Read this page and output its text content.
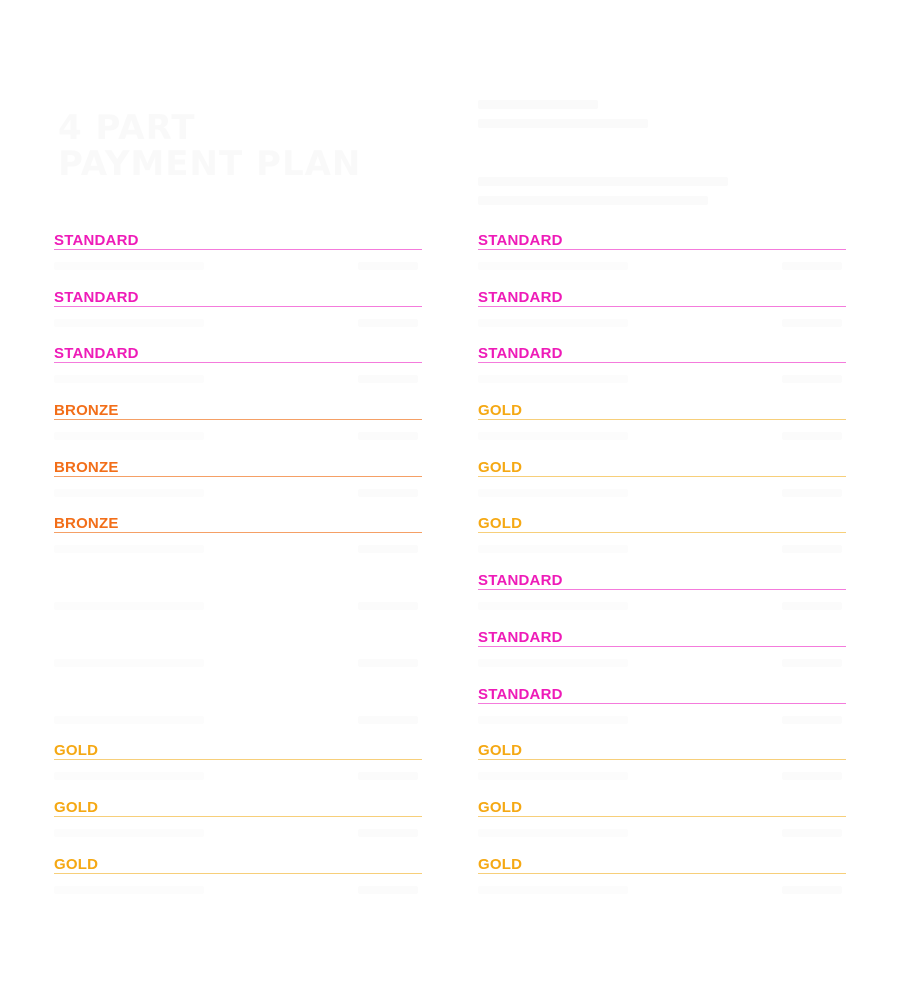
4 PART
PAYMENT PLAN
STANDARD
STANDARD
STANDARD
BRONZE
BRONZE
BRONZE
GOLD
GOLD
GOLD
STANDARD
STANDARD
STANDARD
GOLD
GOLD
GOLD
STANDARD
STANDARD
STANDARD
GOLD
GOLD
GOLD
